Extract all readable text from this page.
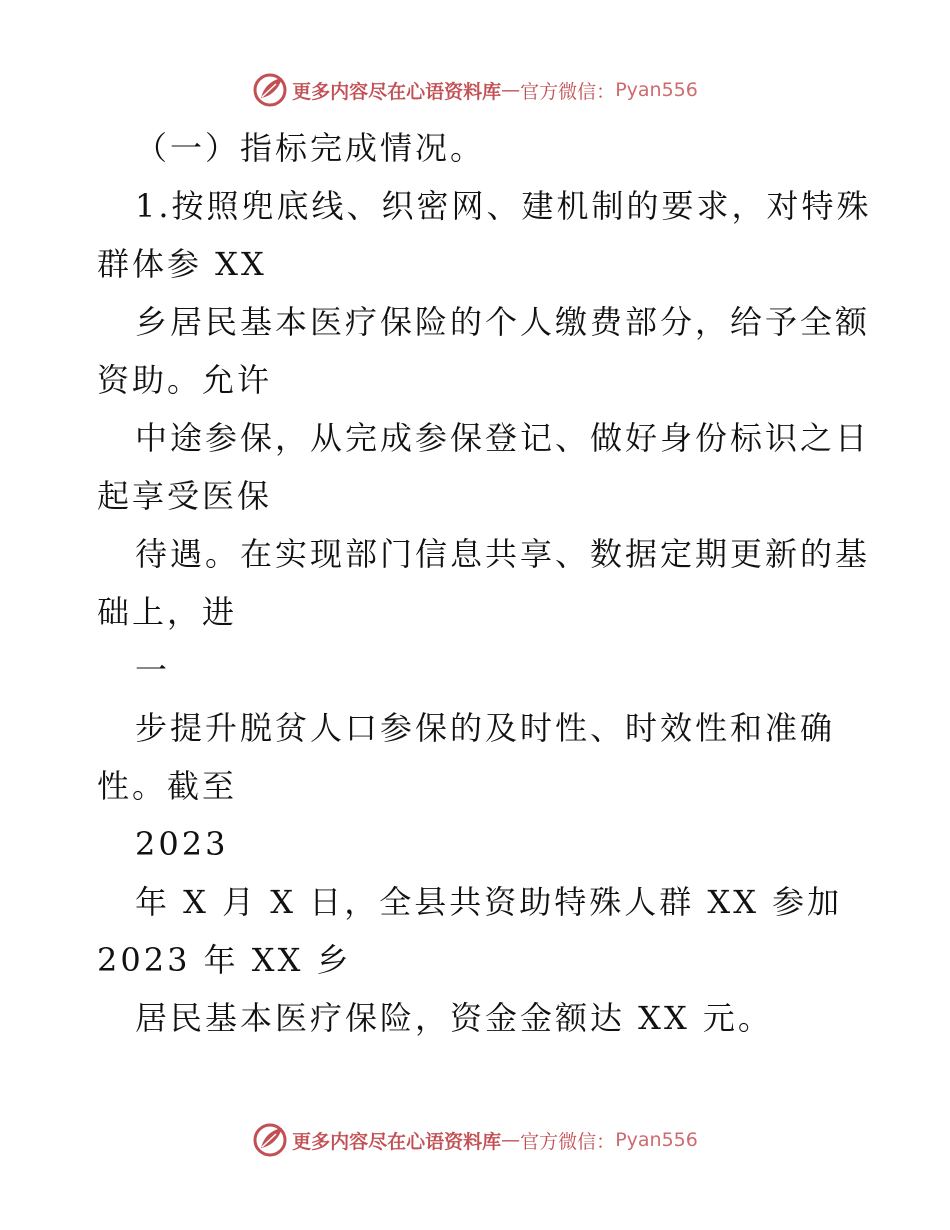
更多内容尽在心语资料库 — 官方微信： Pyan556
（一）指标完成情况。
1.按照兜底线、织密网、建机制的要求，对特殊
群体参 XX
乡居民基本医疗保险的个人缴费部分，给予全额
资助。允许
中途参保，从完成参保登记、做好身份标识之日
起享受医保
待遇。在实现部门信息共享、数据定期更新的基
础上，进
一
步提升脱贫人口参保的及时性、时效性和准确
性。截至
2023
年 X 月 X 日，全县共资助特殊人群 XX 参加
2023 年 XX 乡
居民基本医疗保险，资金金额达 XX 元。
更多内容尽在心语资料库 — 官方微信： Pyan556
